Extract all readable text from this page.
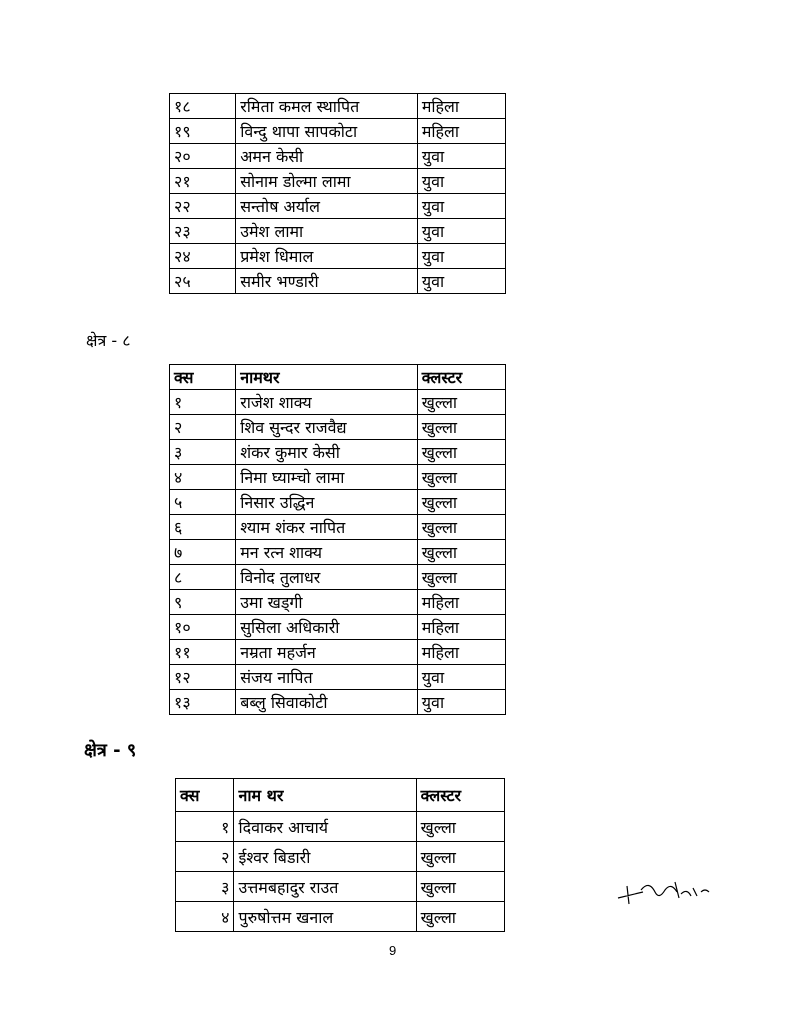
१८	रमिता कमल स्थापित	महिला
१९	विन्दु थापा सापकोटा	महिला
२०	अमन केसी	युवा
२१	सोनाम डोल्मा लामा	युवा
२२	सन्तोष अर्याल	युवा
२३	उमेश लामा	युवा
२४	प्रमेश धिमाल	युवा
२५	समीर भण्डारी	युवा
क्षेत्र - ८
क्स	नामथर	क्लस्टर
१	राजेश शाक्य	खुल्ला
२	शिव सुन्दर राजवैद्य	खुल्ला
३	शंकर कुमार केसी	खुल्ला
४	निमा घ्याम्चो लामा	खुल्ला
५	निसार उद्धिन	खुल्ला
६	श्याम शंकर नापित	खुल्ला
७	मन रत्न शाक्य	खुल्ला
८	विनोद तुलाधर	खुल्ला
९	उमा खड्गी	महिला
१०	सुसिला अधिकारी	महिला
११	नम्रता महर्जन	महिला
१२	संजय नापित	युवा
१३	बब्लु सिवाकोटी	युवा
क्षेत्र - ९
क्स	नाम थर	क्लस्टर
१	दिवाकर आचार्य	खुल्ला
२	ईश्वर बिडारी	खुल्ला
३	उत्तमबहादुर राउत	खुल्ला
४	पुरुषोत्तम खनाल	खुल्ला
9
